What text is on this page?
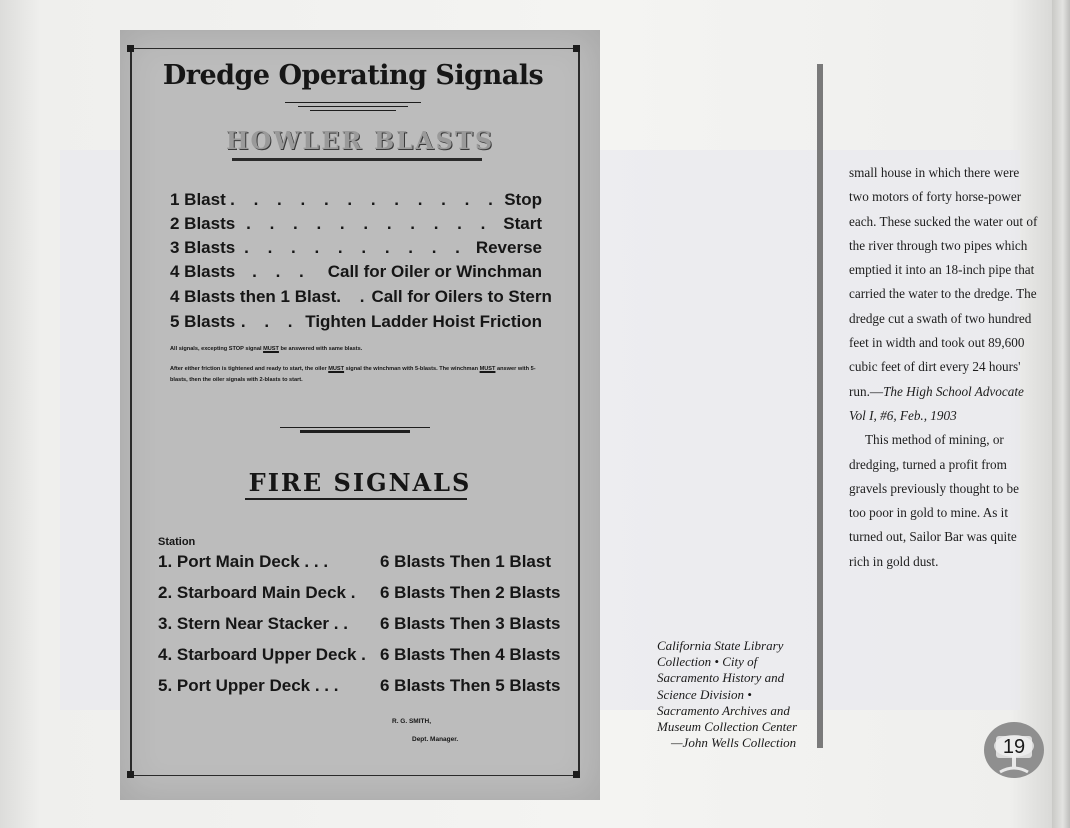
Dredge Operating Signals
HOWLER BLASTS
1 Blast . . . . . . . . . . . . Stop
2 Blasts . . . . . . . . . . . Start
3 Blasts . . . . . . . . . . Reverse
4 Blasts . . . Call for Oiler or Winchman
4 Blasts then 1 Blast . . Call for Oilers to Stern
5 Blasts . . . Tighten Ladder Hoist Friction
All signals, excepting STOP signal MUST be answered with same blasts.
After either friction is tightened and ready to start, the oiler MUST signal the winchman with 5-blasts. The winchman MUST answer with 5-blasts, then the oiler signals with 2-blasts to start.
FIRE SIGNALS
Station
1. Port Main Deck . . .	6 Blasts Then 1 Blast
2. Starboard Main Deck .	6 Blasts Then 2 Blasts
3. Stern Near Stacker . .	6 Blasts Then 3 Blasts
4. Starboard Upper Deck . 6 Blasts Then 4 Blasts
5. Port Upper Deck . . .	6 Blasts Then 5 Blasts
R. G. SMITH,
Dept. Manager.
California State Library Collection • City of Sacramento History and Science Division • Sacramento Archives and Museum Collection Center
—John Wells Collection

small house in which there were two motors of forty horse-power each. These sucked the water out of the river through two pipes which emptied it into an 18-inch pipe that carried the water to the dredge. The dredge cut a swath of two hundred feet in width and took out 89,600 cubic feet of dirt every 24 hours' run.—The High School Advocate Vol I, #6, Feb., 1903

This method of mining, or dredging, turned a profit from gravels previously thought to be too poor in gold to mine. As it turned out, Sailor Bar was quite rich in gold dust.

19
